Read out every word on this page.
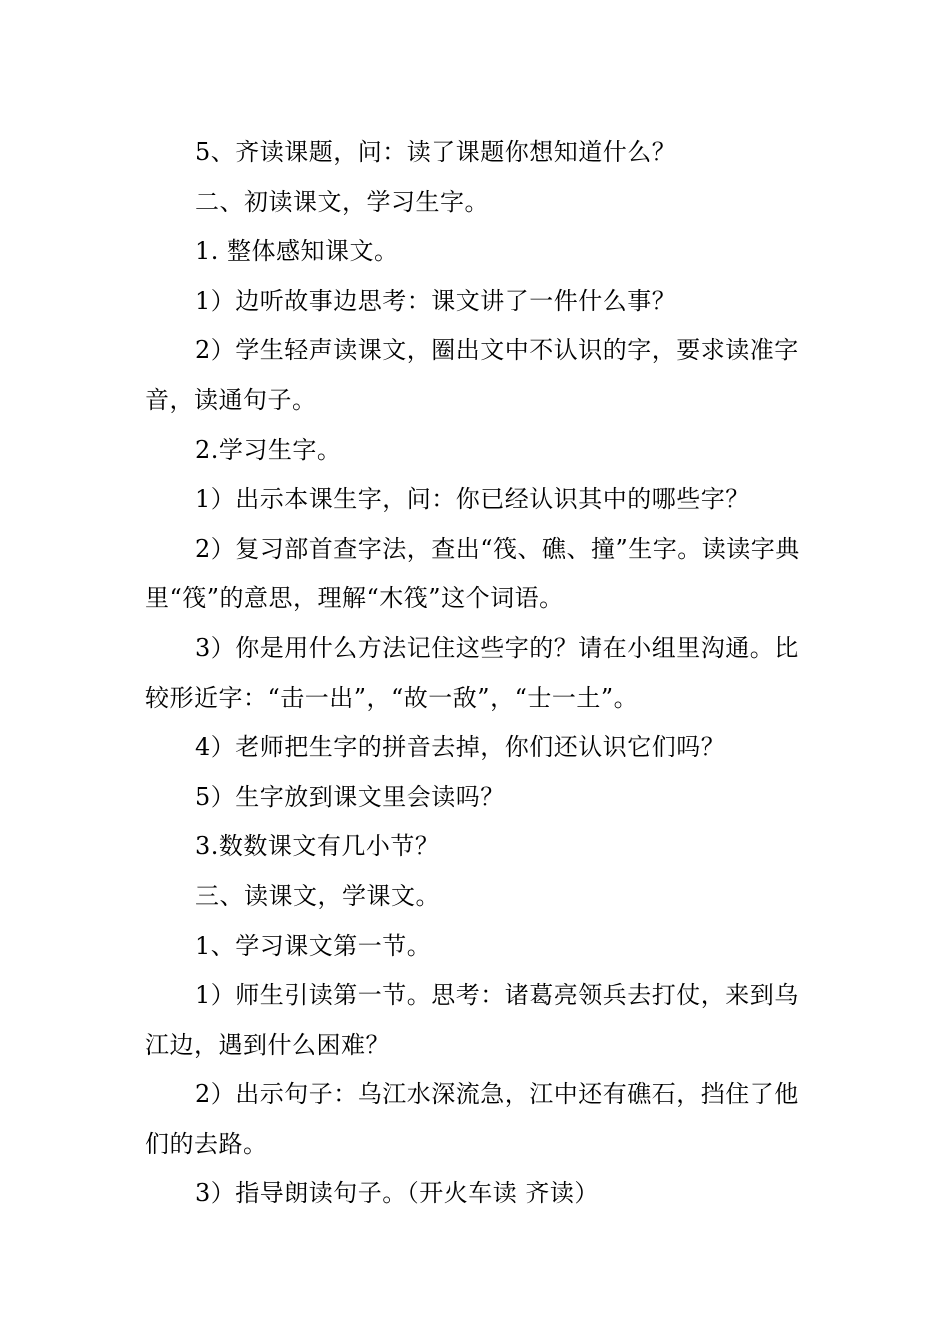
5、齐读课题，问：读了课题你想知道什么？

二、初读课文，学习生字。

1. 整体感知课文。

1）边听故事边思考：课文讲了一件什么事？

2）学生轻声读课文，圈出文中不认识的字，要求读准字音，读通句子。

2.学习生字。

1）出示本课生字，问：你已经认识其中的哪些字？

2）复习部首查字法，查出“筏、礁、撞”生字。读读字典里“筏”的意思，理解“木筏”这个词语。

3）你是用什么方法记住这些字的？请在小组里沟通。比较形近字：“击一出”，“故一敌”，“士一土”。

4）老师把生字的拼音去掉，你们还认识它们吗？

5）生字放到课文里会读吗？

3.数数课文有几小节？

三、读课文，学课文。

1、学习课文第一节。

1）师生引读第一节。思考：诸葛亮领兵去打仗，来到乌江边，遇到什么困难？

2）出示句子：乌江水深流急，江中还有礁石，挡住了他们的去路。

3）指导朗读句子。（开火车读 齐读）
